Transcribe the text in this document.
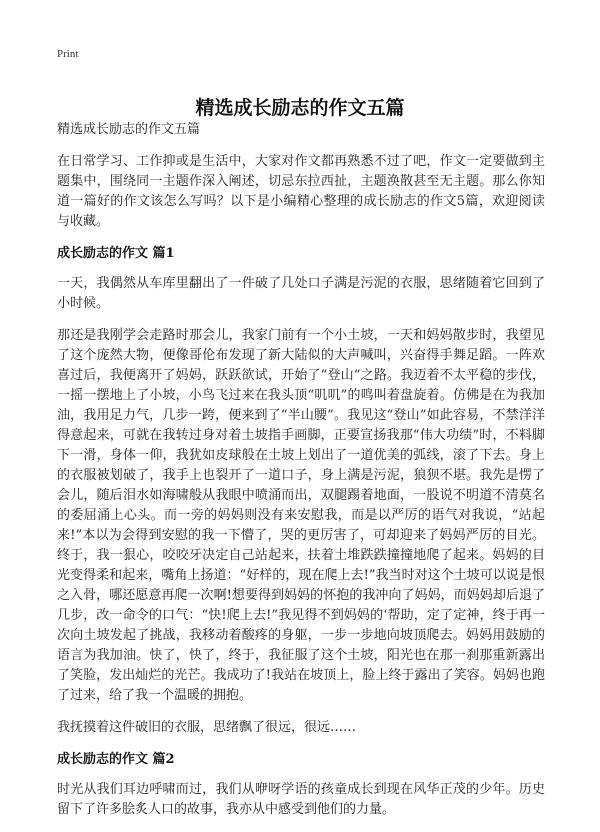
Print
精选成长励志的作文五篇

精选成长励志的作文五篇

在日常学习、工作抑或是生活中，大家对作文都再熟悉不过了吧，作文一定要做到主题集中，围绕同一主题作深入阐述，切忌东拉西扯，主题涣散甚至无主题。那么你知道一篇好的作文该怎么写吗？以下是小编精心整理的成长励志的作文5篇，欢迎阅读与收藏。

成长励志的作文 篇1

一天，我偶然从车库里翻出了一件破了几处口子满是污泥的衣服，思绪随着它回到了小时候。

那还是我刚学会走路时那会儿，我家门前有一个小土坡，一天和妈妈散步时，我望见了这个庞然大物，便像哥伦布发现了新大陆似的大声喊叫，兴奋得手舞足蹈。一阵欢喜过后，我便离开了妈妈，跃跃欲试，开始了“登山”之路。我迈着不太平稳的步伐，一摇一摆地上了小坡，小鸟飞过来在我头顶“叽叽”的鸣叫着盘旋着。仿佛是在为我加油，我用足力气，几步一跨，便来到了“半山腰”。我见这“登山”如此容易，不禁洋洋得意起来，可就在我转过身对着土坡指手画脚，正要宣扬我那“伟大功绩”时，不料脚下一滑，身体一仰，我犹如皮球般在土坡上划出了一道优美的弧线，滚了下去。身上的衣服被划破了，我手上也裂开了一道口子，身上满是污泥，狼狈不堪。我先是愣了会儿，随后泪水如海啸般从我眼中喷涌而出，双腿踢着地面，一股说不明道不清莫名的委屈涌上心头。而一旁的妈妈则没有来安慰我，而是以严厉的语气对我说，“站起来!”本以为会得到安慰的我一下懵了，哭的更厉害了，可却迎来了妈妈严厉的目光。终于，我一狠心，咬咬牙决定自己站起来，扶着土堆跌跌撞撞地爬了起来。妈妈的目光变得柔和起来，嘴角上扬道：“好样的，现在爬上去!”我当时对这个土坡可以说是恨之入骨，哪还愿意再爬一次啊!想要得到妈妈的怀抱的我冲向了妈妈，而妈妈却后退了几步，改一命令的口气：“快!爬上去!”我见得不到妈妈的‘帮助，定了定神，终于再一次向土坡发起了挑战，我移动着酸疼的身躯，一步一步地向坡顶爬去。妈妈用鼓励的语言为我加油。快了，快了，终于，我征服了这个土坡，阳光也在那一刹那重新露出了笑脸，发出灿烂的光芒。我成功了!我站在坡顶上，脸上终于露出了笑容。妈妈也跑了过来，给了我一个温暖的拥抱。

我抚摸着这件破旧的衣服，思绪飘了很远，很远……

成长励志的作文 篇2

时光从我们耳边呼啸而过，我们从咿呀学语的孩童成长到现在风华正茂的少年。历史留下了许多脍炙人口的故事，我亦从中感受到他们的力量。
